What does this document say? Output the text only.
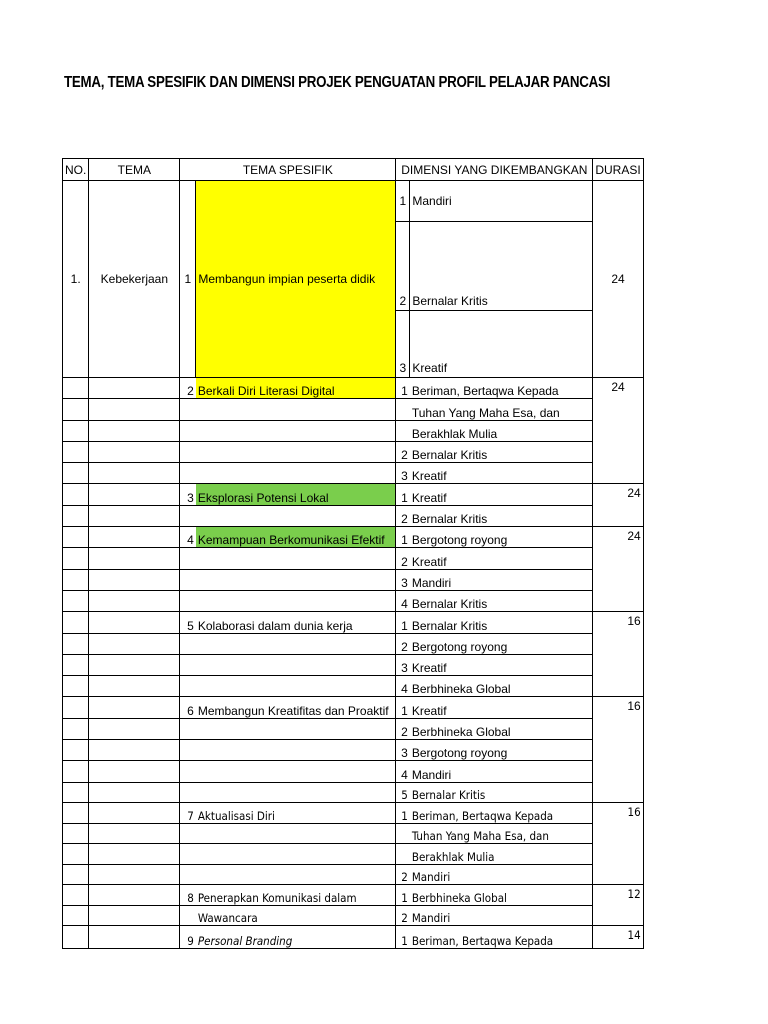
TEMA, TEMA SPESIFIK DAN DIMENSI PROJEK PENGUATAN PROFIL PELAJAR PANCASI
NO.	TEMA	TEMA SPESIFIK		DIMENSI YANG DIKEMBANGKAN		DURASI
1.	Kebekerjaan	1	Membangun impian peserta didik	1	Mandiri	24
				2	Bernalar Kritis	
				3	Kreatif	
		2	Berkali Diri Literasi Digital	1	Beriman, Bertaqwa Kepada	24
					Tuhan Yang Maha Esa, dan	
					Berakhlak Mulia	
				2	Bernalar Kritis	
				3	Kreatif	
		3	Eksplorasi Potensi Lokal	1	Kreatif	24
				2	Bernalar Kritis	
		4	Kemampuan Berkomunikasi Efektif	1	Bergotong royong	24
				2	Kreatif	
				3	Mandiri	
				4	Bernalar Kritis	
		5	Kolaborasi dalam dunia kerja	1	Bernalar Kritis	16
				2	Bergotong royong	
				3	Kreatif	
				4	Berbhineka Global	
		6	Membangun Kreatifitas dan Proaktif	1	Kreatif	16
				2	Berbhineka Global	
				3	Bergotong royong	
				4	Mandiri	
				5	Bernalar Kritis	
		7	Aktualisasi Diri	1	Beriman, Bertaqwa Kepada	16
					Tuhan Yang Maha Esa, dan	
					Berakhlak Mulia	
				2	Mandiri	
		8	Penerapkan Komunikasi dalam	1	Berbhineka Global	12
			Wawancara	2	Mandiri	
		9	Personal Branding	1	Beriman, Bertaqwa Kepada	14
